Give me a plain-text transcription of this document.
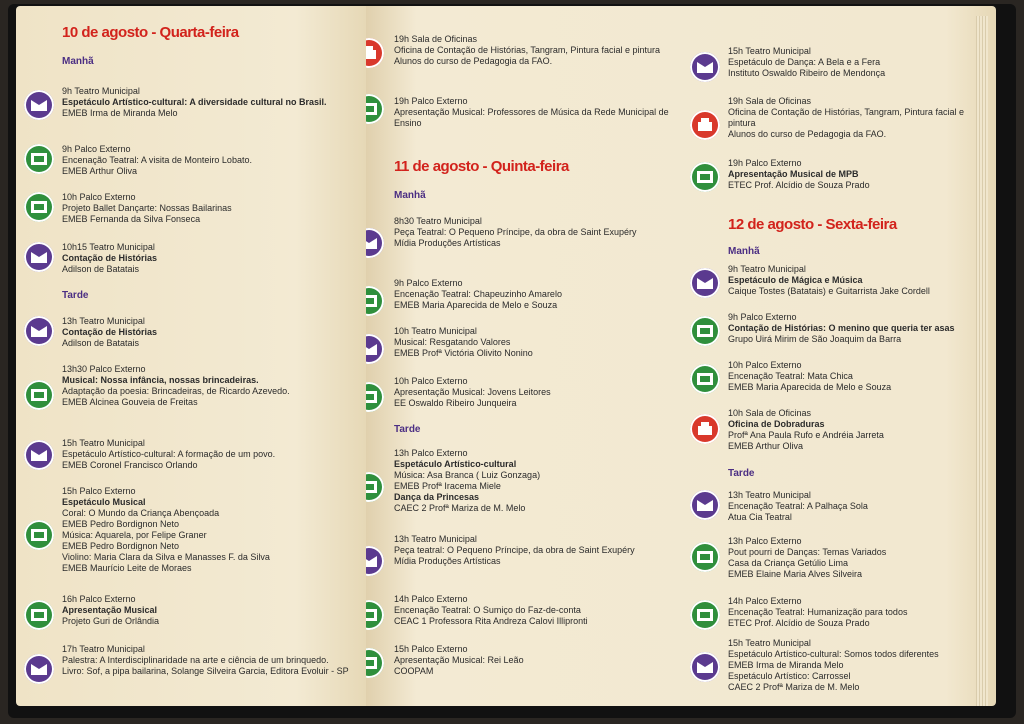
10 de agosto - Quarta-feira
Manhã
9h Teatro Municipal
Espetáculo Artístico-cultural: A diversidade cultural no Brasil.
EMEB Irma de Miranda Melo
9h Palco Externo
Encenação Teatral: A visita de Monteiro Lobato.
EMEB Arthur Oliva
10h Palco Externo
Projeto Ballet Dançarte: Nossas Bailarinas
EMEB Fernanda da Silva Fonseca
10h15 Teatro Municipal
Contação de Histórias
Adilson de Batatais
Tarde
13h Teatro Municipal
Contação de Histórias
Adilson de Batatais
13h30 Palco Externo
Musical: Nossa infância, nossas brincadeiras.
Adaptação da poesia: Brincadeiras, de Ricardo Azevedo.
EMEB Alcinea Gouveia de Freitas
15h Teatro Municipal
Espetáculo Artístico-cultural: A formação de um povo.
EMEB Coronel Francisco Orlando
15h Palco Externo
Espetáculo Musical
Coral: O Mundo da Criança Abençoada
EMEB Pedro Bordignon Neto
Música: Aquarela, por Felipe Graner
EMEB Pedro Bordignon Neto
Violino: Maria Clara da Silva e Manasses F. da Silva
EMEB Maurício Leite de Moraes
16h Palco Externo
Apresentação Musical
Projeto Guri de Orlândia
17h Teatro Municipal
Palestra: A Interdisciplinaridade na arte e ciência de um brinquedo. Livro: Sof, a pipa bailarina, Solange Silveira Garcia, Editora Evoluir - SP
19h Sala de Oficinas
Oficina de Contação de Histórias, Tangram, Pintura facial e pintura
Alunos do curso de Pedagogia da FAO.
19h Palco Externo
Apresentação Musical: Professores de Música da Rede Municipal de Ensino
11 de agosto - Quinta-feira
Manhã
8h30 Teatro Municipal
Peça Teatral: O Pequeno Príncipe, da obra de Saint Exupéry
Mídia Produções Artísticas
9h Palco Externo
Encenação Teatral: Chapeuzinho Amarelo
EMEB Maria Aparecida de Melo e Souza
10h Teatro Municipal
Musical: Resgatando Valores
EMEB Profª Victória Olivito Nonino
10h Palco Externo
Apresentação Musical: Jovens Leitores
EE Oswaldo Ribeiro Junqueira
Tarde
13h Palco Externo
Espetáculo Artístico-cultural
Música: Asa Branca ( Luiz Gonzaga)
EMEB Profª Iracema Miele
Dança da Princesas
CAEC 2 Profª Mariza de M. Melo
13h Teatro Municipal
Peça teatral: O Pequeno Príncipe, da obra de Saint Exupéry
Mídia Produções Artísticas
14h Palco Externo
Encenação Teatral: O Sumiço do Faz-de-conta
CEAC 1 Professora Rita Andreza Calovi Illipronti
15h Palco Externo
Apresentação Musical: Rei Leão
COOPAM
15h Teatro Municipal
Espetáculo de Dança: A Bela e a Fera
Instituto Oswaldo Ribeiro de Mendonça
19h Sala de Oficinas
Oficina de Contação de Histórias, Tangram, Pintura facial e pintura
Alunos do curso de Pedagogia da FAO.
19h Palco Externo
Apresentação Musical de MPB
ETEC Prof. Alcídio de Souza Prado
12 de agosto - Sexta-feira
Manhã
9h Teatro Municipal
Espetáculo de Mágica e Música
Caique Tostes (Batatais) e Guitarrista Jake Cordell
9h Palco Externo
Contação de Histórias: O menino que queria ter asas
Grupo Uirá Mirim de São Joaquim da Barra
10h Palco Externo
Encenação Teatral: Mata Chica
EMEB Maria Aparecida de Melo e Souza
10h Sala de Oficinas
Oficina de Dobraduras
Profª Ana Paula Rufo e Andréia Jarreta
EMEB Arthur Oliva
Tarde
13h Teatro Municipal
Encenação Teatral: A Palhaça Sola
Atua Cia Teatral
13h Palco Externo
Pout pourri de Danças: Temas Variados
Casa da Criança Getúlio Lima
EMEB Elaine Maria Alves Silveira
14h Palco Externo
Encenação Teatral: Humanização para todos
ETEC Prof. Alcídio de Souza Prado
15h Teatro Municipal
Espetáculo Artístico-cultural: Somos todos diferentes
EMEB Irma de Miranda Melo
Espetáculo Artístico: Carrossel
CAEC 2 Profª Mariza de M. Melo
